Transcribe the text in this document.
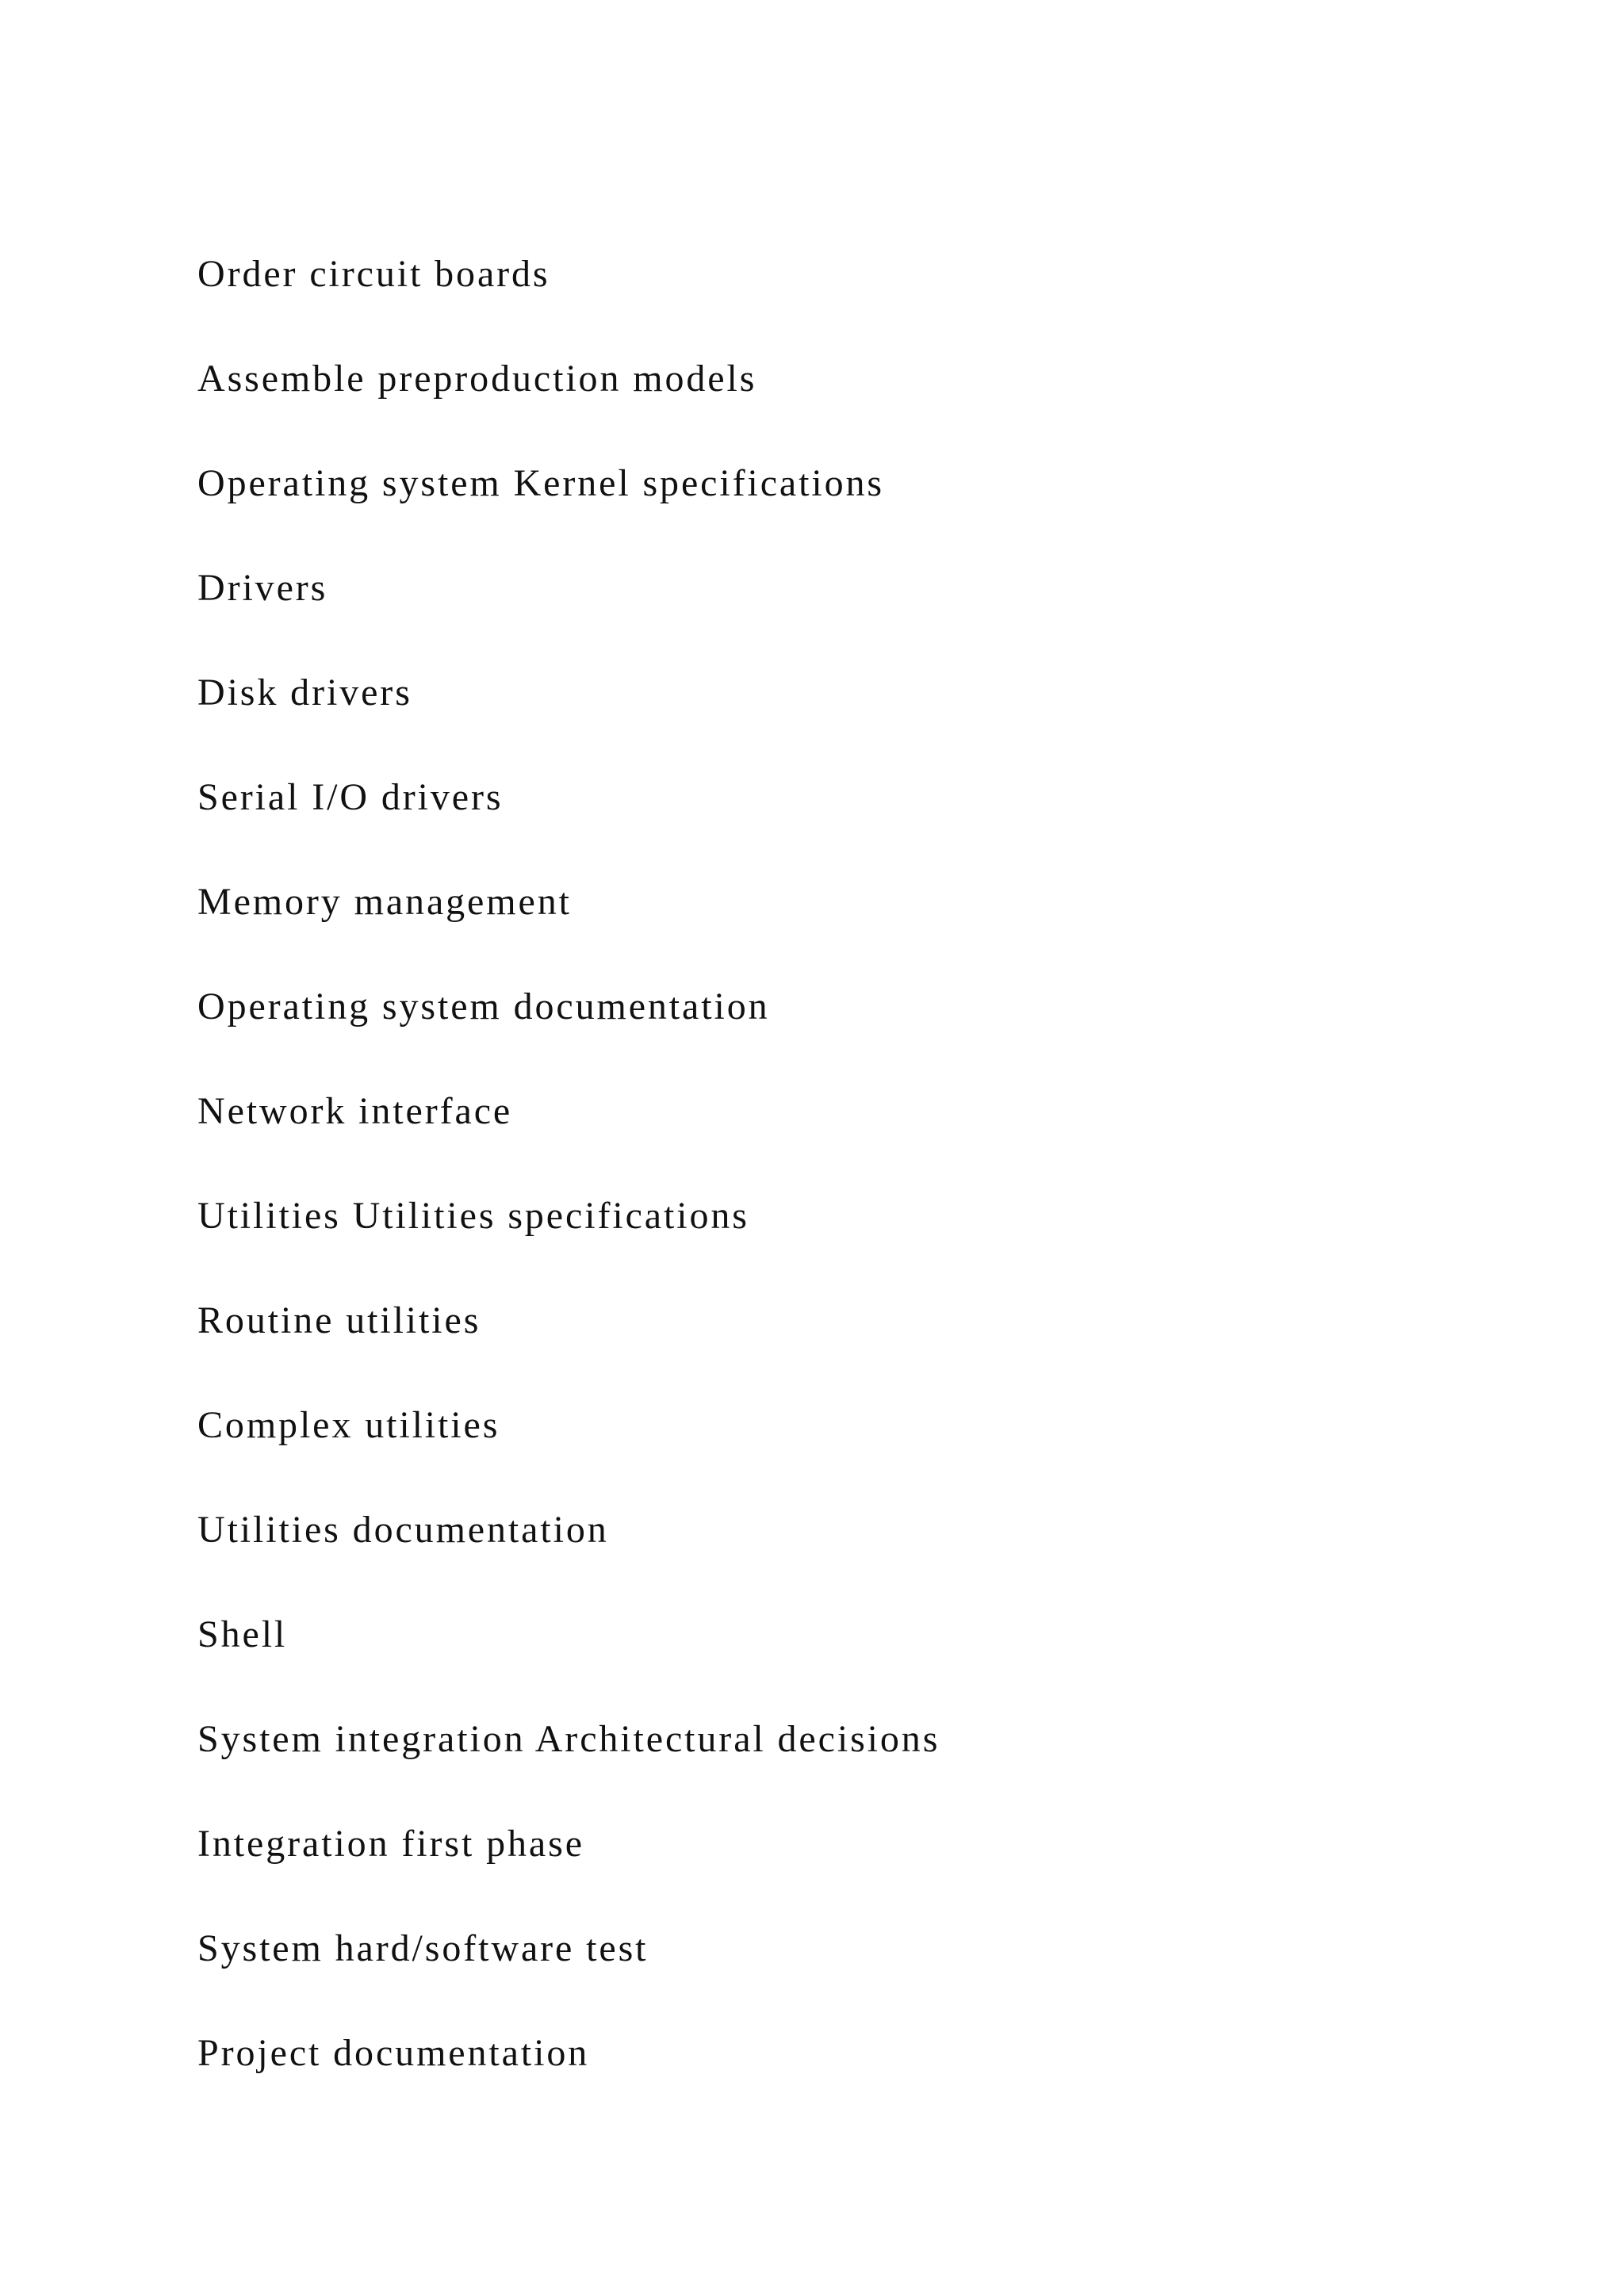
Order circuit boards
Assemble preproduction models
Operating system Kernel specifications
Drivers
Disk drivers
Serial I/O drivers
Memory management
Operating system documentation
Network interface
Utilities Utilities specifications
Routine utilities
Complex utilities
Utilities documentation
Shell
System integration Architectural decisions
Integration first phase
System hard/software test
Project documentation
